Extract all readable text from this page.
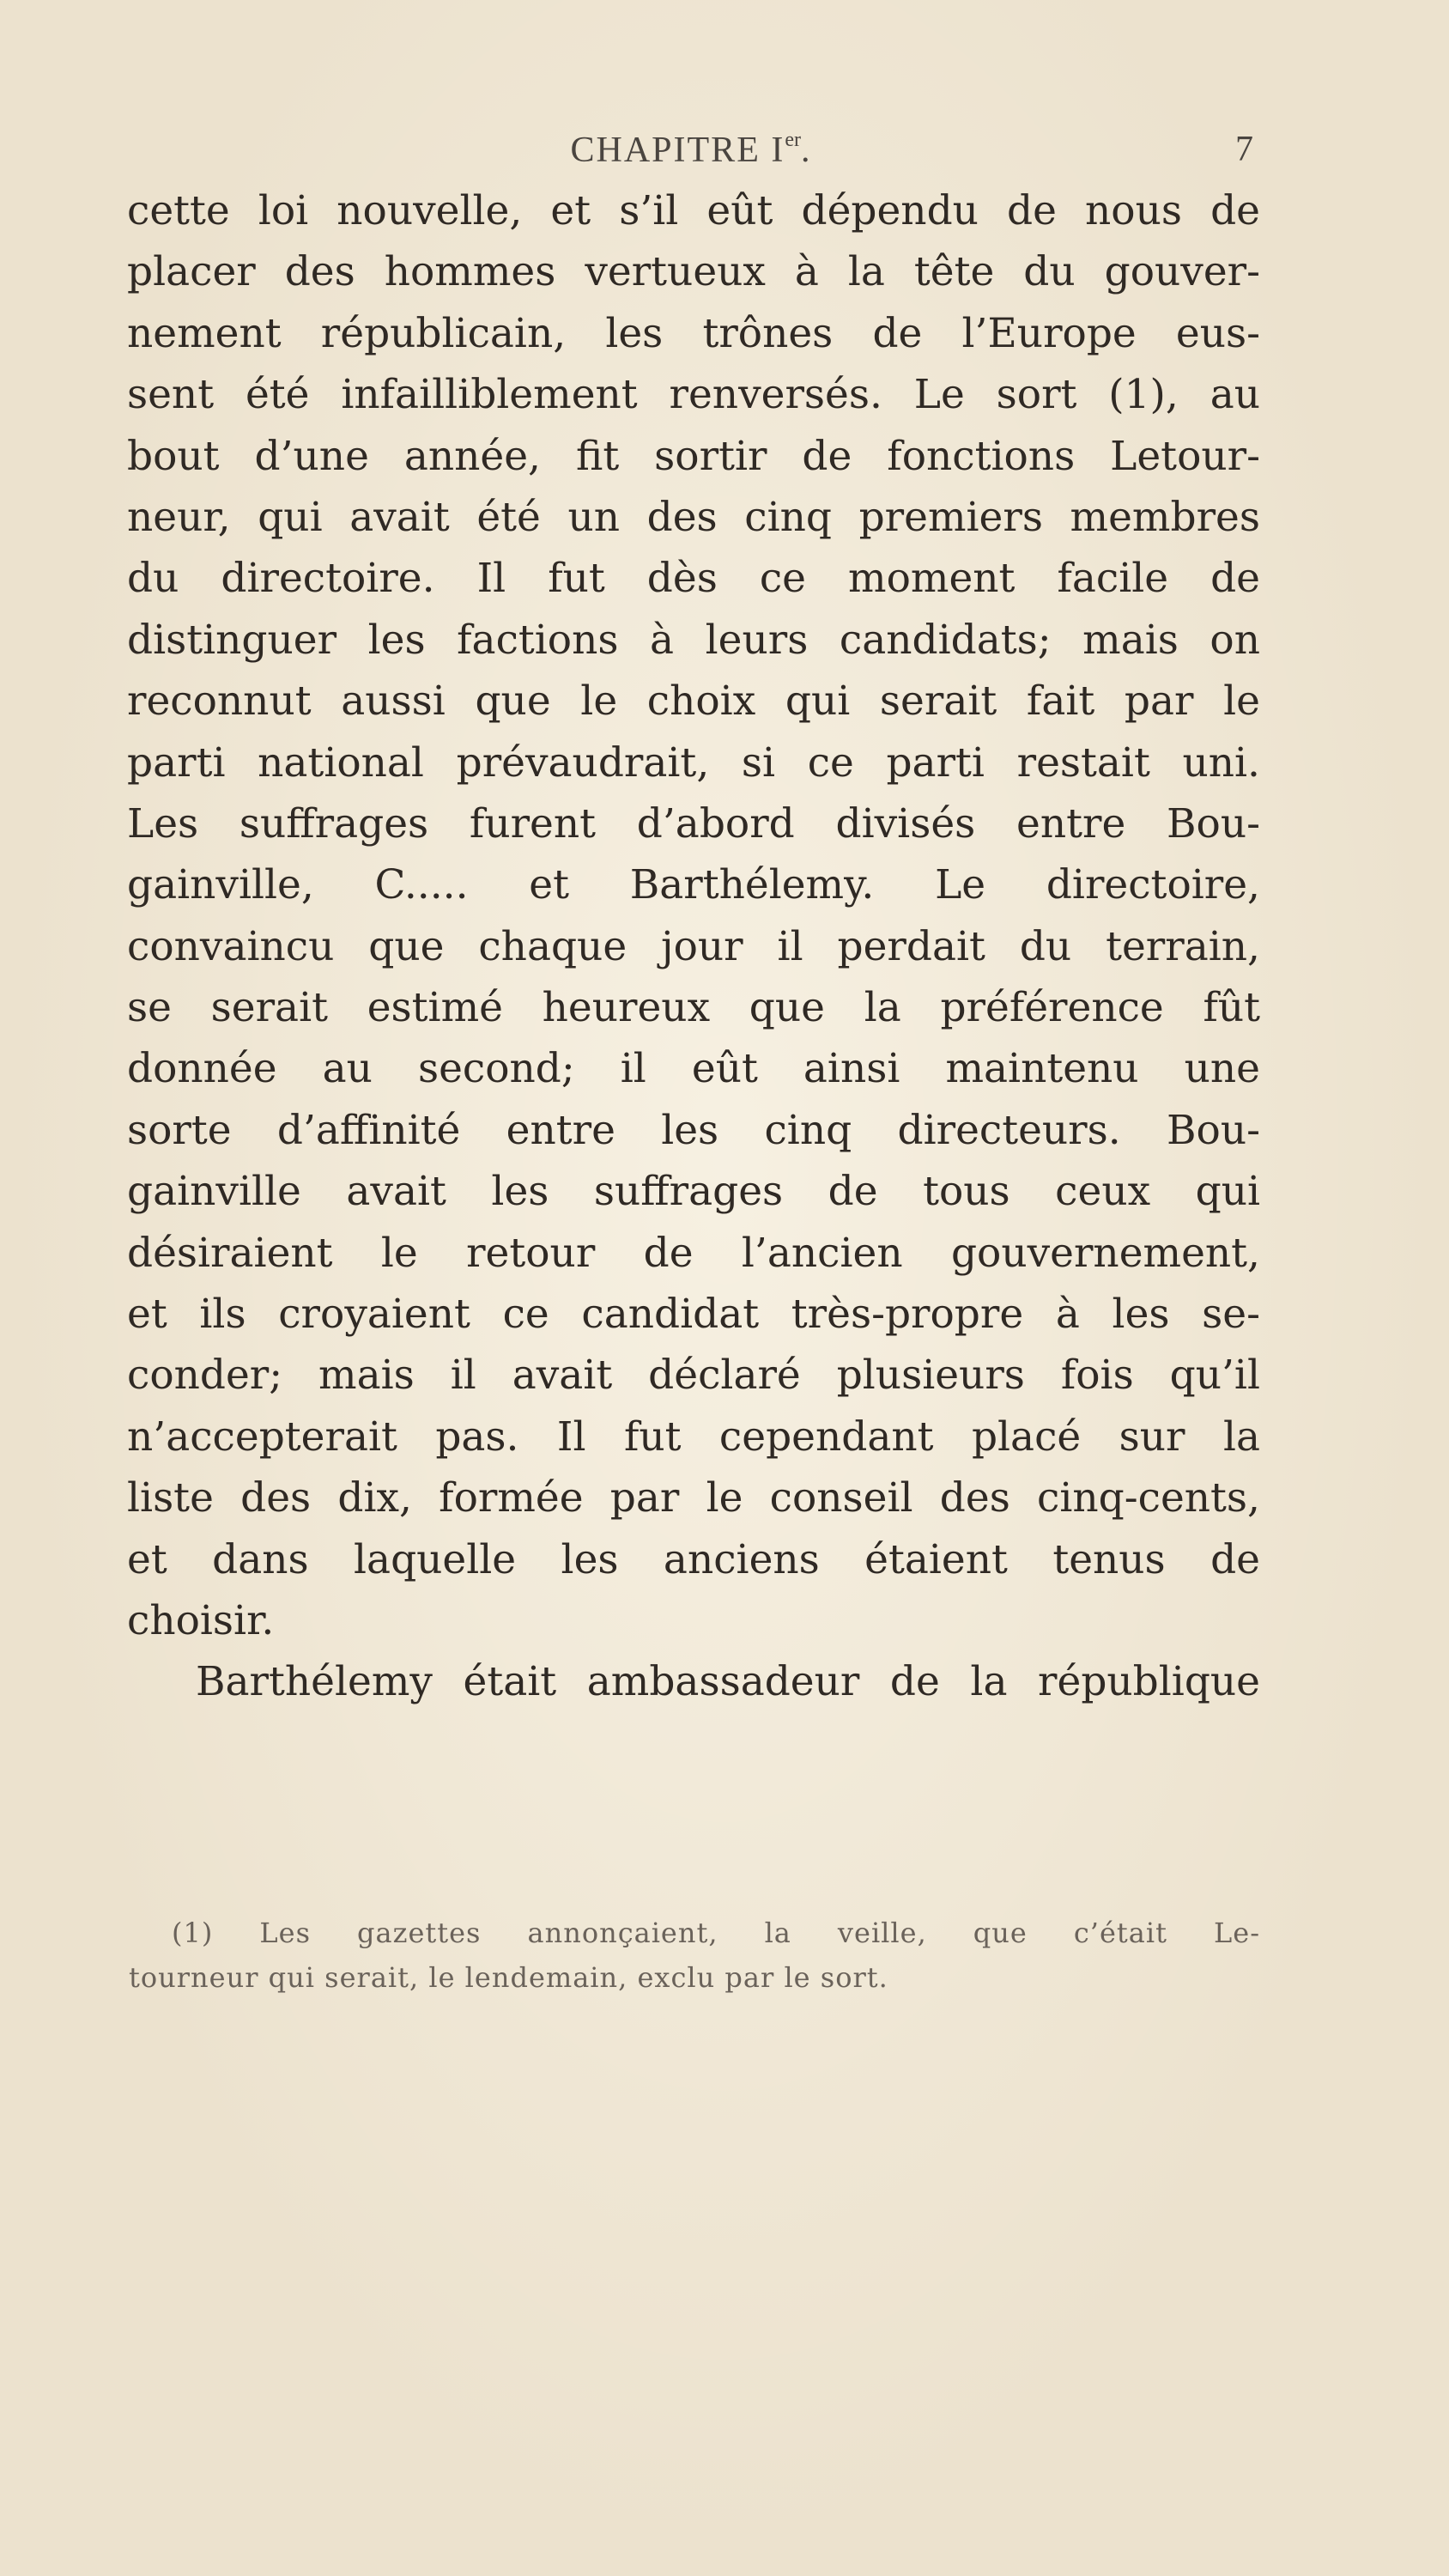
CHAPITRE Ier.	7
cette loi nouvelle, et s’il eût dépendu de nous de
placer des hommes vertueux à la tête du gouver-
nement républicain, les trônes de l’Europe eus-
sent été infailliblement renversés. Le sort (1), au
bout d’une année, fit sortir de fonctions Letour-
neur, qui avait été un des cinq premiers membres
du directoire. Il fut dès ce moment facile de
distinguer les factions à leurs candidats; mais on
reconnut aussi que le choix qui serait fait par le
parti national prévaudrait, si ce parti restait uni.
Les suffrages furent d’abord divisés entre Bou-
gainville, C..... et Barthélemy. Le directoire,
convaincu que chaque jour il perdait du terrain,
se serait estimé heureux que la préférence fût
donnée au second; il eût ainsi maintenu une
sorte d’affinité entre les cinq directeurs. Bou-
gainville avait les suffrages de tous ceux qui
désiraient le retour de l’ancien gouvernement,
et ils croyaient ce candidat très-propre à les se-
conder; mais il avait déclaré plusieurs fois qu’il
n’accepterait pas. Il fut cependant placé sur la
liste des dix, formée par le conseil des cinq-cents,
et dans laquelle les anciens étaient tenus de
choisir.
Barthélemy était ambassadeur de la république
(1) Les gazettes annonçaient, la veille, que c’était Le-
tourneur qui serait, le lendemain, exclu par le sort.
